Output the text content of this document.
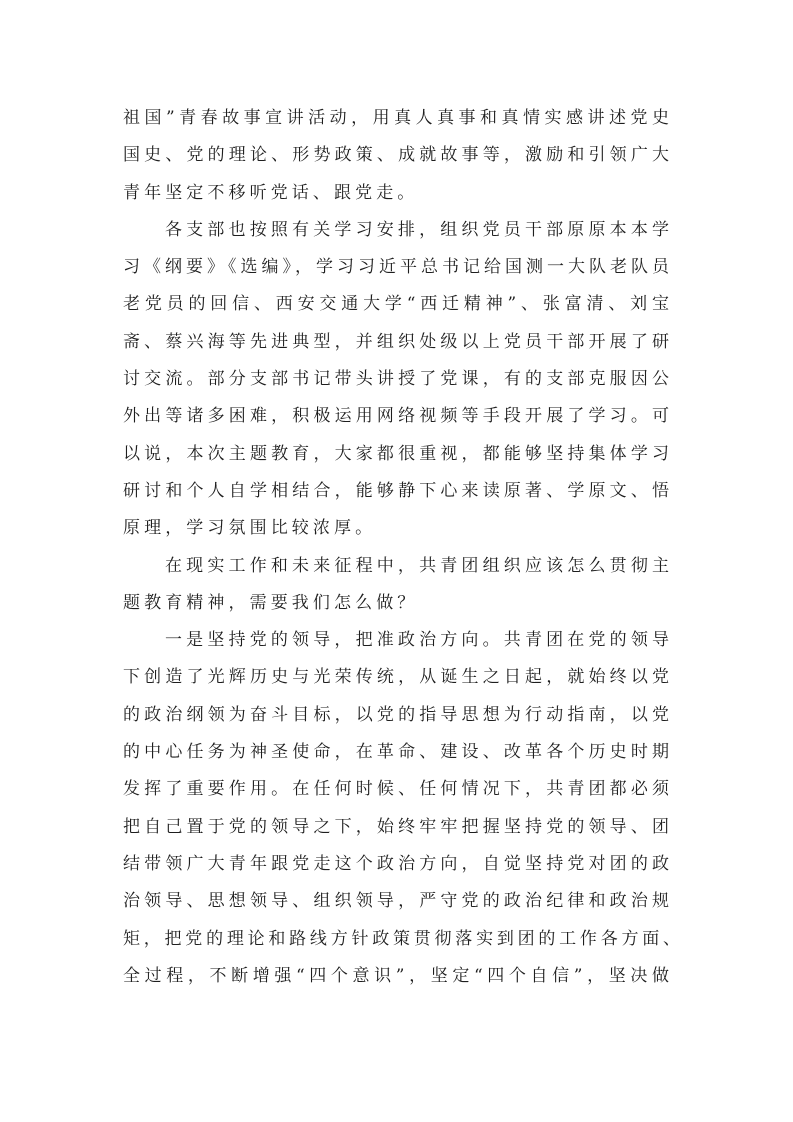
祖国”青春故事宣讲活动，用真人真事和真情实感讲述党史
国史、党的理论、形势政策、成就故事等，激励和引领广大
青年坚定不移听党话、跟党走。
各支部也按照有关学习安排，组织党员干部原原本本学
习《纲要》《选编》，学习习近平总书记给国测一大队老队员
老党员的回信、西安交通大学“西迁精神”、张富清、刘宝
斋、蔡兴海等先进典型，并组织处级以上党员干部开展了研
讨交流。部分支部书记带头讲授了党课，有的支部克服因公
外出等诸多困难，积极运用网络视频等手段开展了学习。可
以说，本次主题教育，大家都很重视，都能够坚持集体学习
研讨和个人自学相结合，能够静下心来读原著、学原文、悟
原理，学习氛围比较浓厚。
在现实工作和未来征程中，共青团组织应该怎么贯彻主
题教育精神，需要我们怎么做？
一是坚持党的领导，把准政治方向。共青团在党的领导
下创造了光辉历史与光荣传统，从诞生之日起，就始终以党
的政治纲领为奋斗目标，以党的指导思想为行动指南，以党
的中心任务为神圣使命，在革命、建设、改革各个历史时期
发挥了重要作用。在任何时候、任何情况下，共青团都必须
把自己置于党的领导之下，始终牢牢把握坚持党的领导、团
结带领广大青年跟党走这个政治方向，自觉坚持党对团的政
治领导、思想领导、组织领导，严守党的政治纪律和政治规
矩，把党的理论和路线方针政策贯彻落实到团的工作各方面、
全过程，不断增强“四个意识”，坚定“四个自信”，坚决做
